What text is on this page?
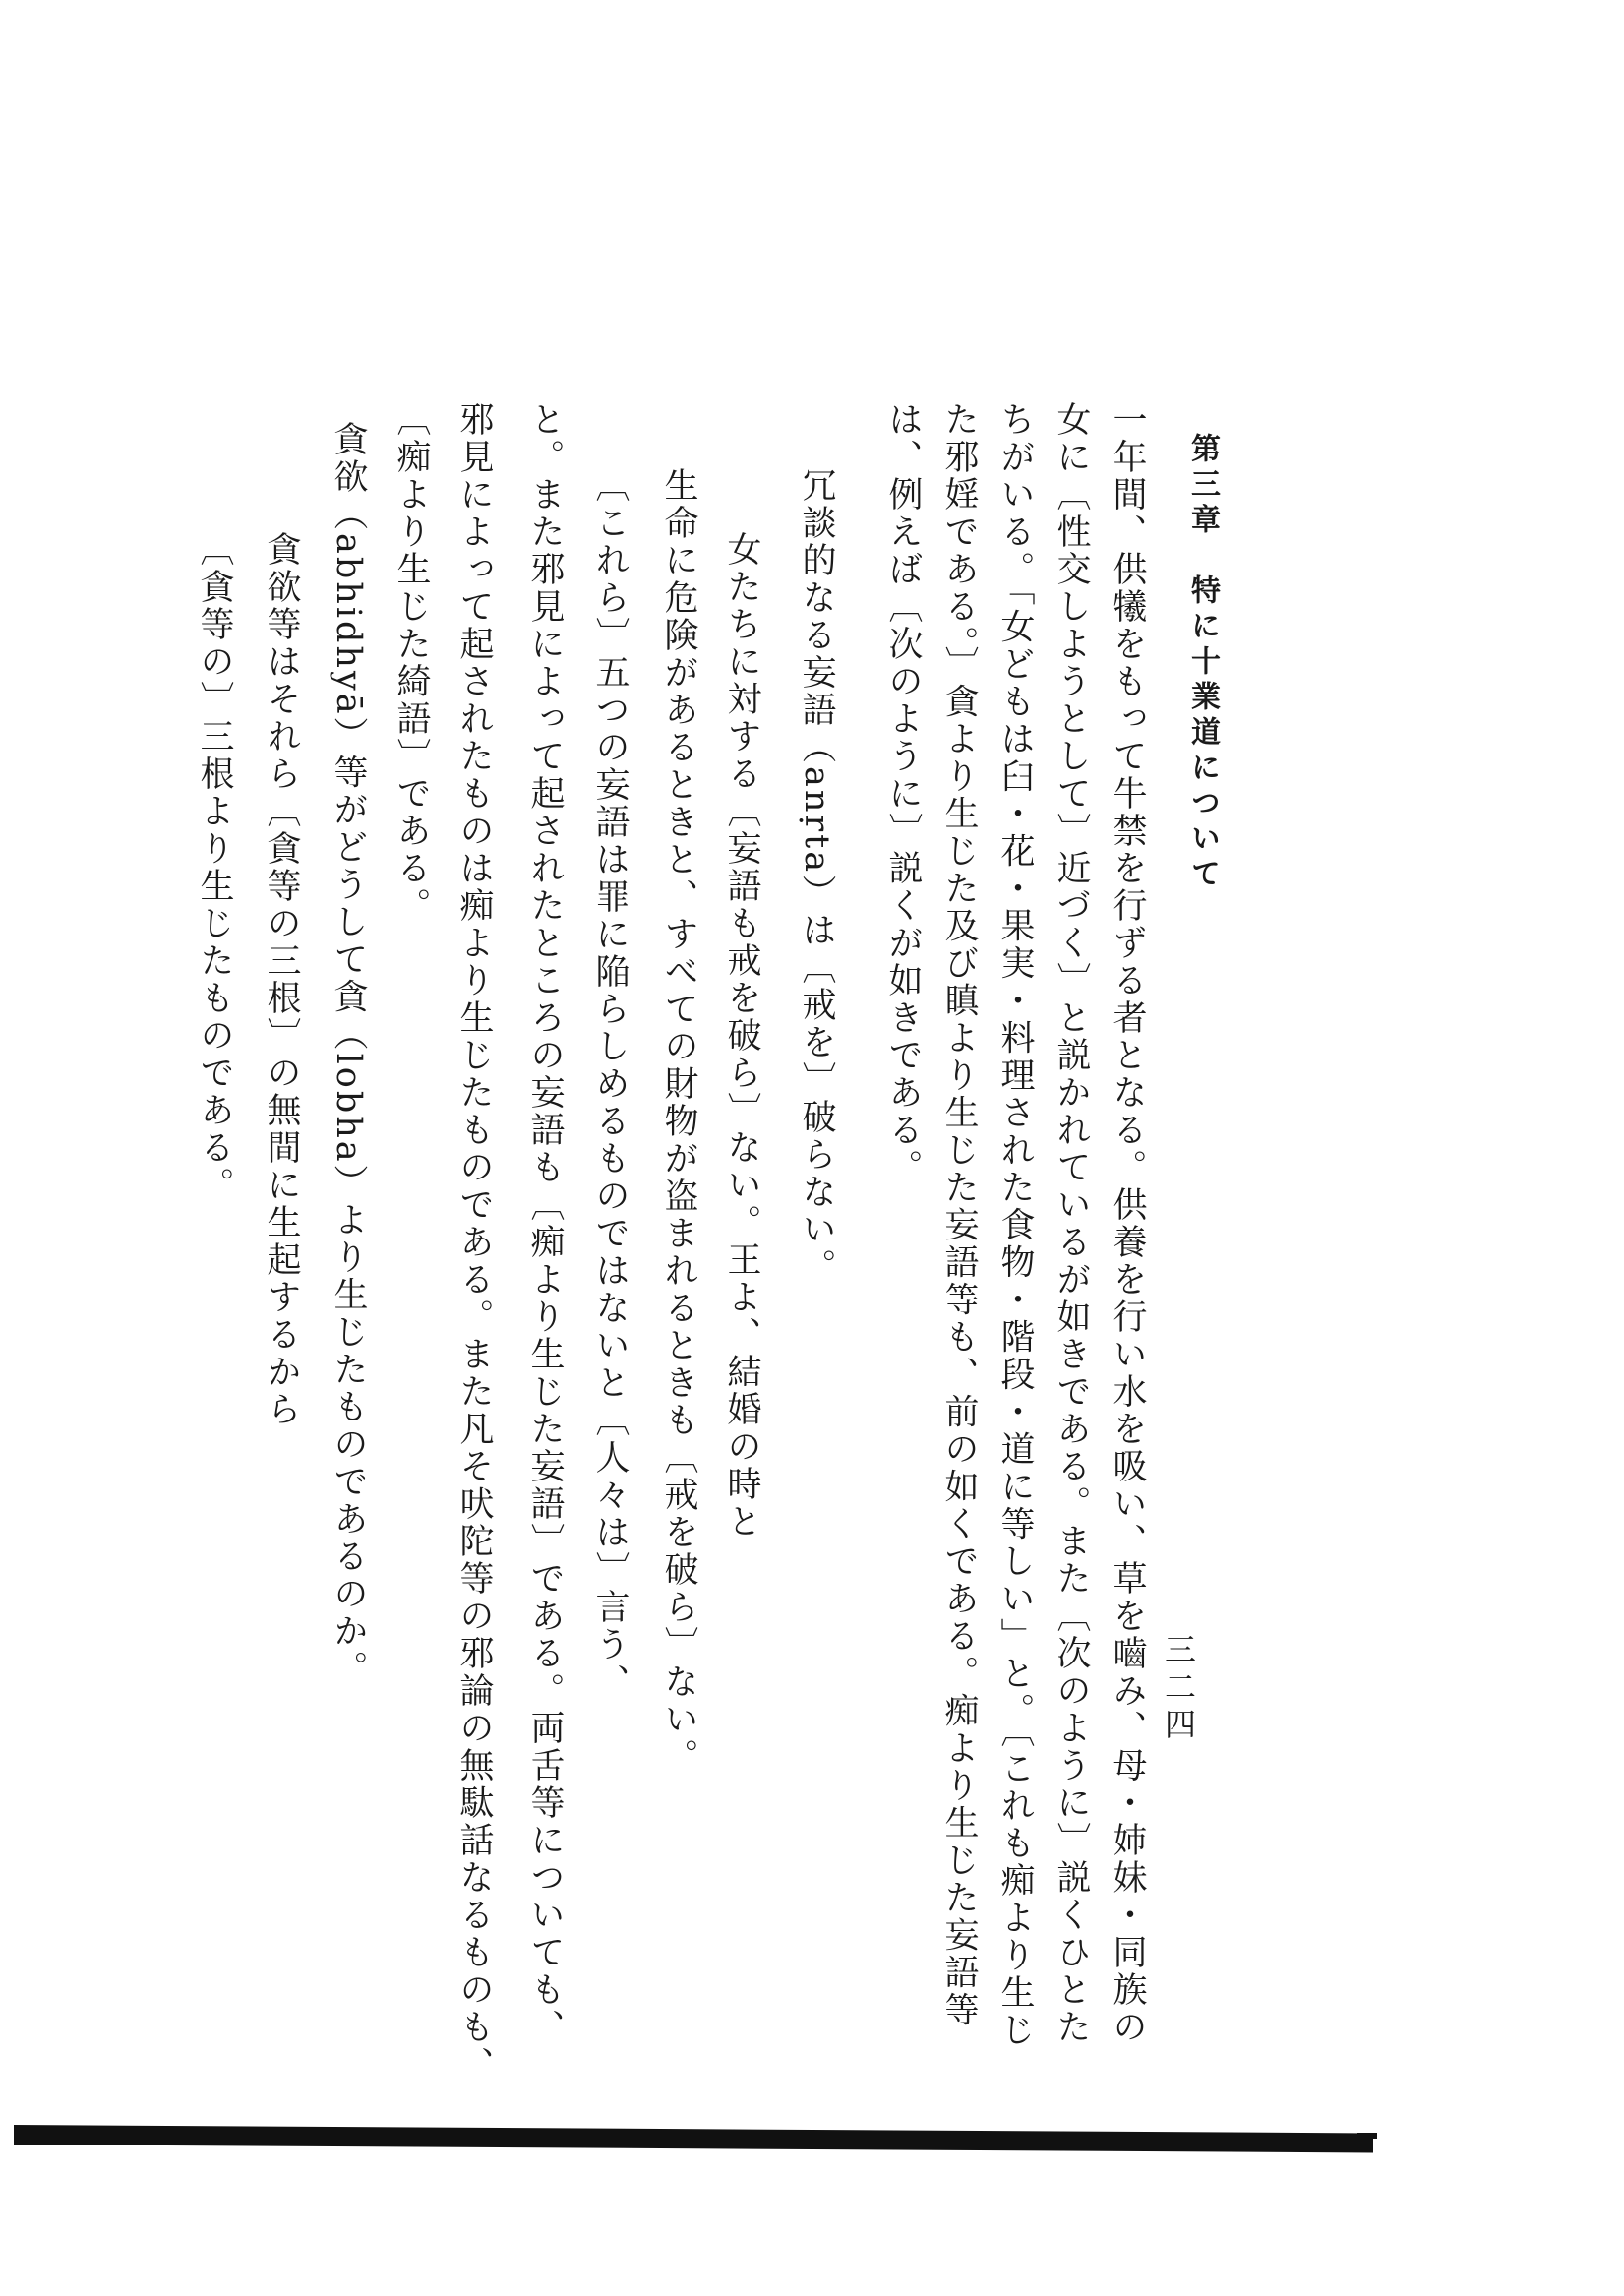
第三章　特に十業道について
三二四
一年間、供犧をもって牛禁を行ずる者となる。供養を行い水を吸い、草を嚙み、母・姉妹・同族の
女に〔性交しようとして〕近づく〕と説かれているが如きである。また〔次のように〕説くひとた
ちがいる。「女どもは臼・花・果実・料理された食物・階段・道に等しい」と。〔これも痴より生じ
た邪婬である。〕貪より生じた及び瞋より生じた妄語等も、前の如くである。痴より生じた妄語等
は、例えば〔次のように〕説くが如きである。
冗談的なる妄語（anṛta）は〔戒を〕破らない。
女たちに対する〔妄語も戒を破ら〕ない。王よ、結婚の時と
生命に危険があるときと、すべての財物が盗まれるときも〔戒を破ら〕ない。
〔これら〕五つの妄語は罪に陥らしめるものではないと〔人々は〕言う、
と。また邪見によって起されたところの妄語も〔痴より生じた妄語〕である。両舌等についても、
邪見によって起されたものは痴より生じたものである。また凡そ吠陀等の邪論の無駄話なるものも、
〔痴より生じた綺語〕である。
貪欲（abhidhyā）等がどうして貪（lobha）より生じたものであるのか。
貪欲等はそれら〔貪等の三根〕の無間に生起するから
〔貪等の〕三根より生じたものである。
